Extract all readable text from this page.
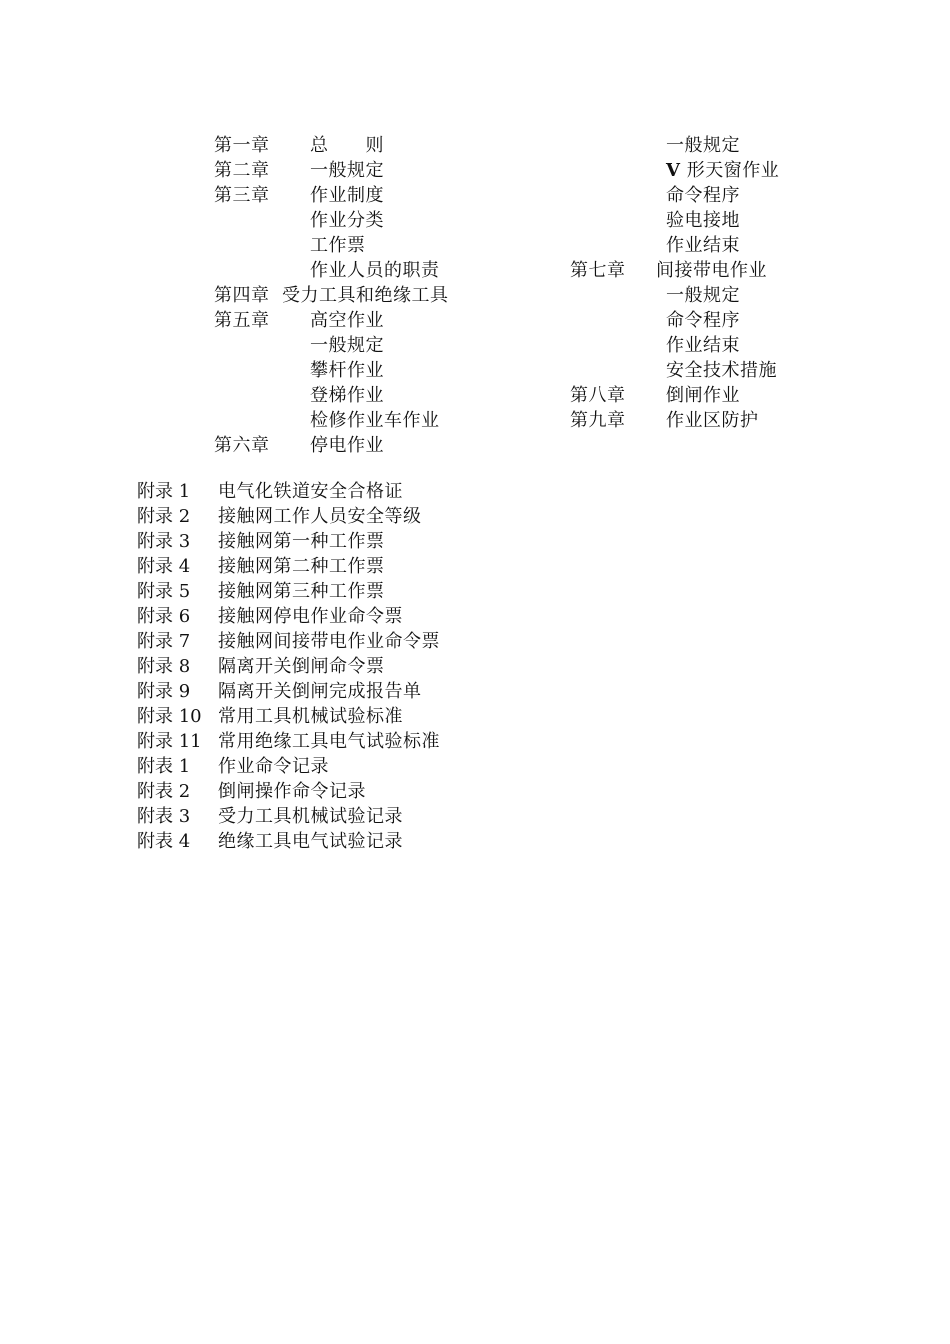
第一章 总　　则
第二章 一般规定
第三章 作业制度
作业分类
工作票
作业人员的职责
第四章 受力工具和绝缘工具
第五章 高空作业
一般规定
攀杆作业
登梯作业
检修作业车作业
第六章 停电作业
一般规定
V 形天窗作业
命令程序
验电接地
作业结束
第七章 间接带电作业
一般规定
命令程序
作业结束
安全技术措施
第八章 倒闸作业
第九章 作业区防护
附录 1 电气化铁道安全合格证
附录 2 接触网工作人员安全等级
附录 3 接触网第一种工作票
附录 4 接触网第二种工作票
附录 5 接触网第三种工作票
附录 6 接触网停电作业命令票
附录 7 接触网间接带电作业命令票
附录 8 隔离开关倒闸命令票
附录 9 隔离开关倒闸完成报告单
附录 10 常用工具机械试验标准
附录 11 常用绝缘工具电气试验标准
附表 1 作业命令记录
附表 2 倒闸操作命令记录
附表 3 受力工具机械试验记录
附表 4 绝缘工具电气试验记录
